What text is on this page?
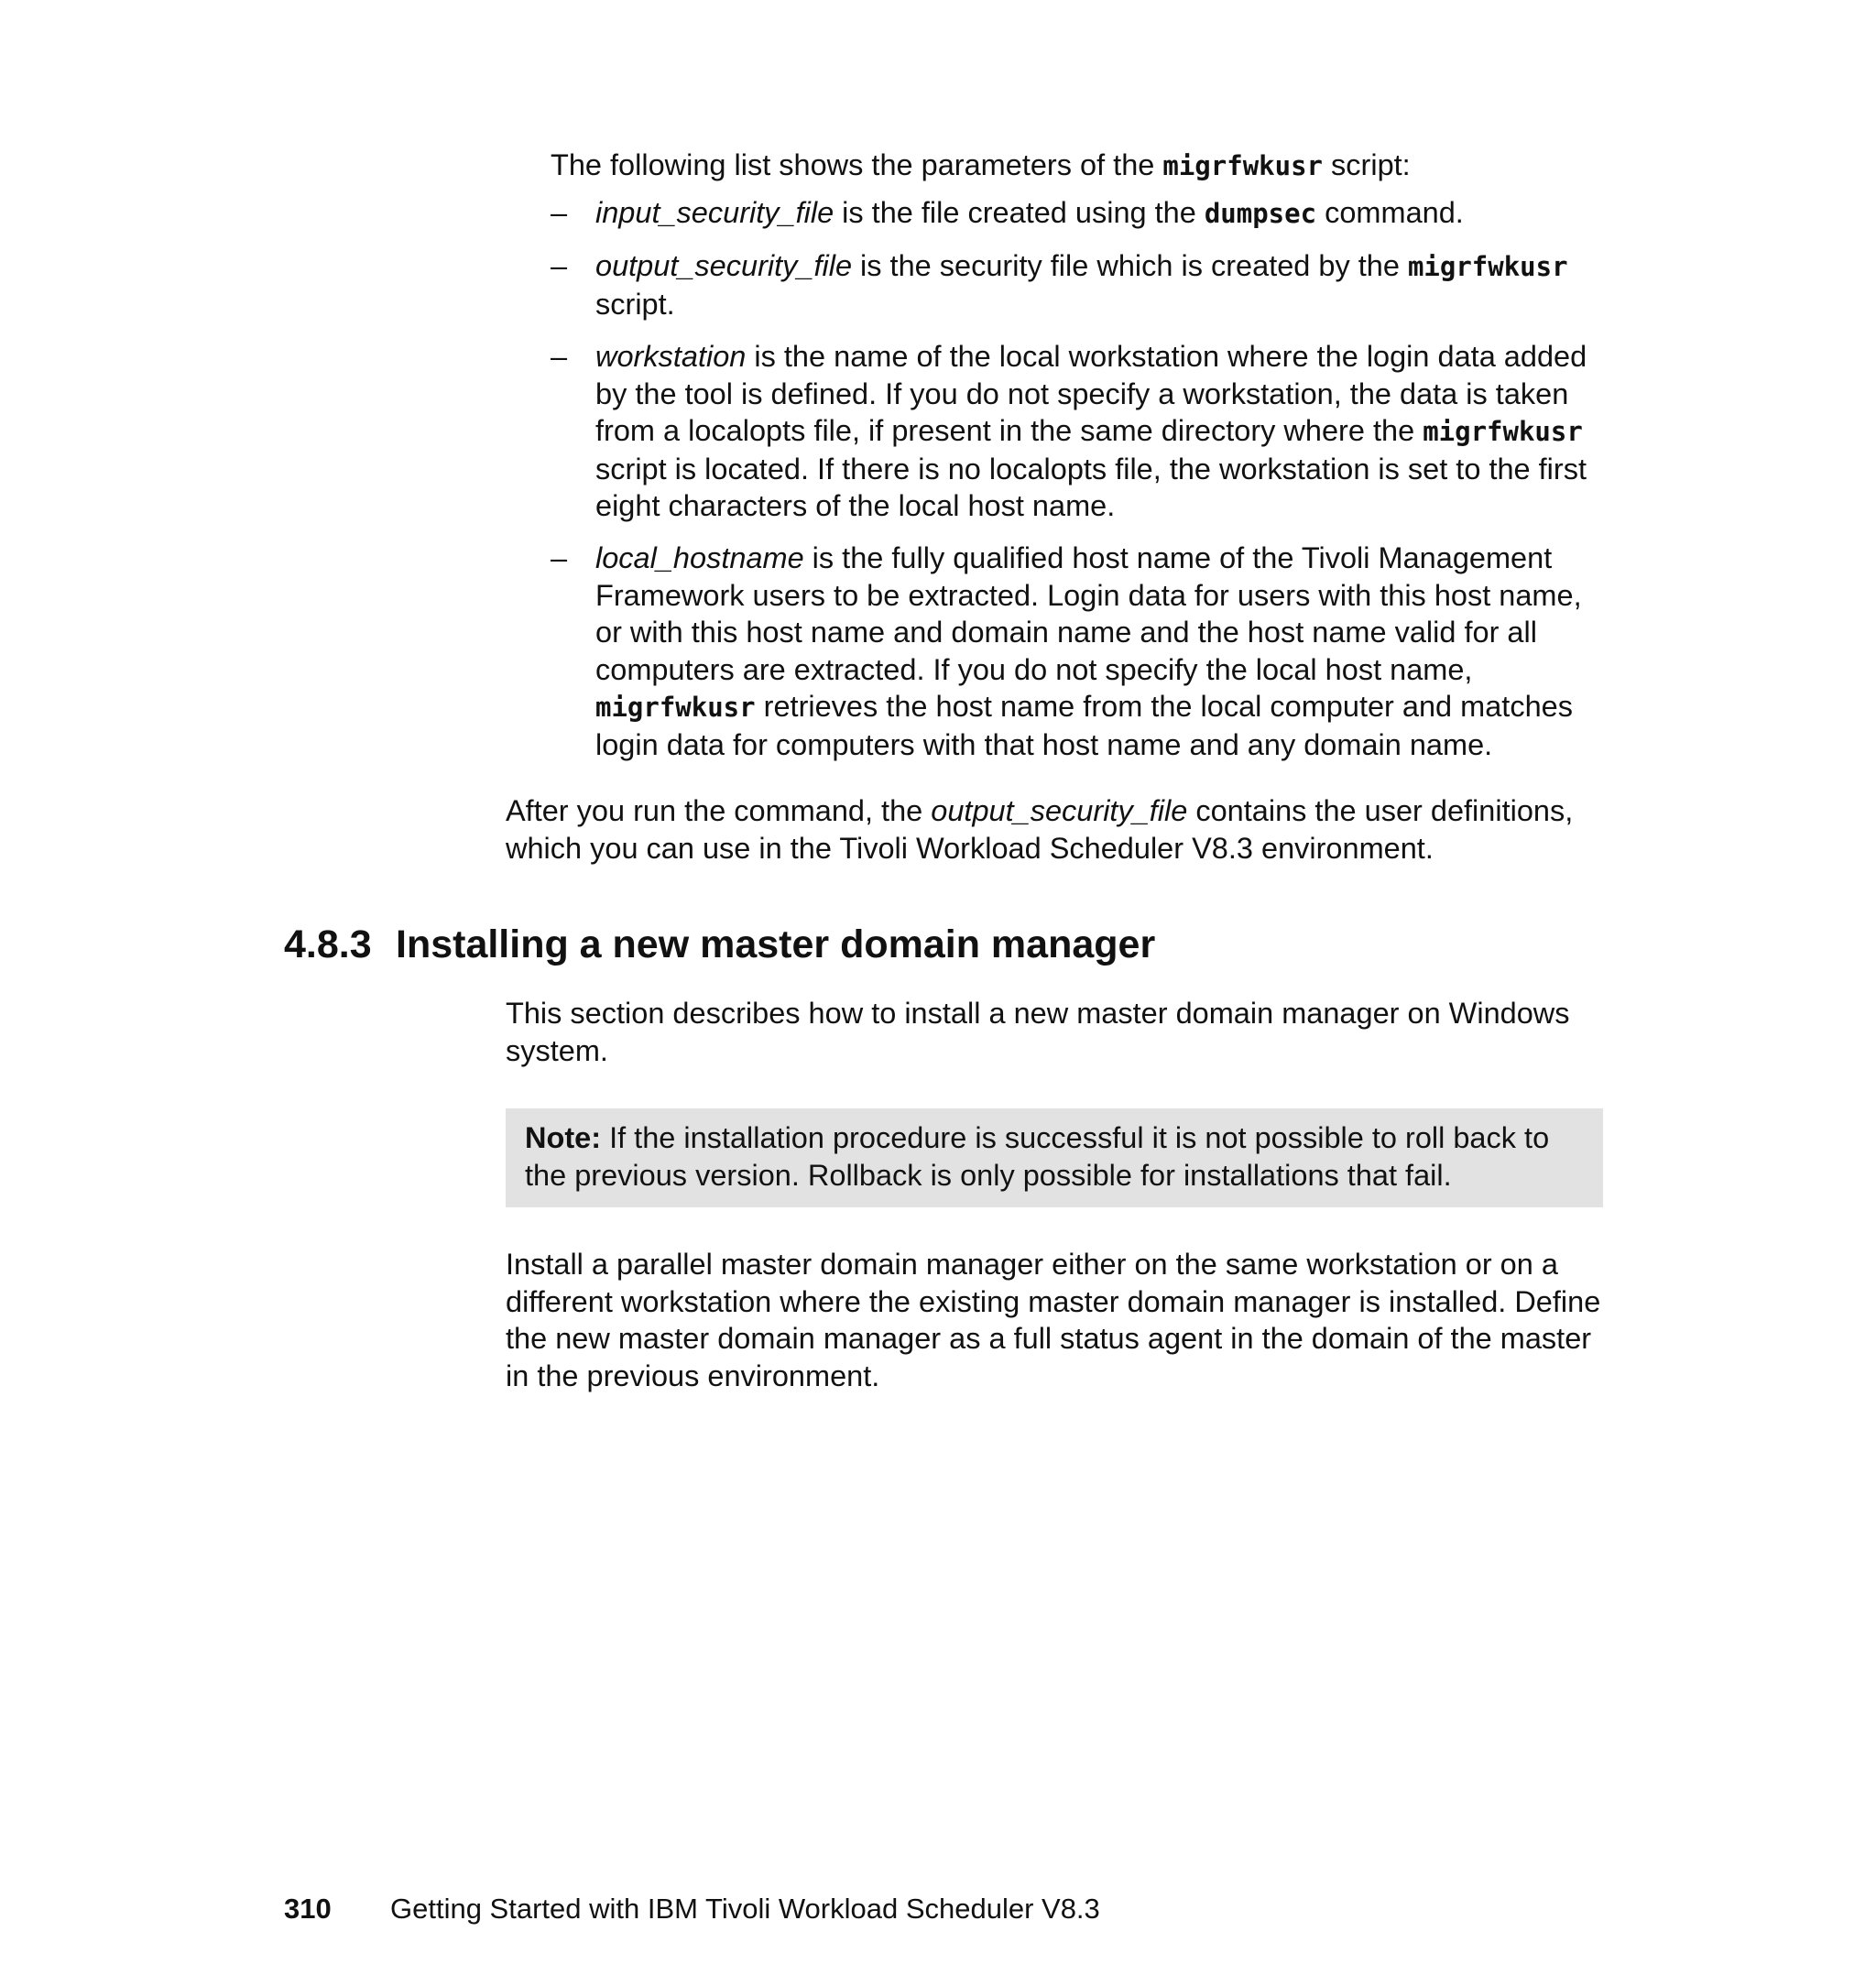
The following list shows the parameters of the migrfwkusr script:

– input_security_file is the file created using the dumpsec command.
– output_security_file is the security file which is created by the migrfwkusr script.
– workstation is the name of the local workstation where the login data added by the tool is defined. If you do not specify a workstation, the data is taken from a localopts file, if present in the same directory where the migrfwkusr script is located. If there is no localopts file, the workstation is set to the first eight characters of the local host name.
– local_hostname is the fully qualified host name of the Tivoli Management Framework users to be extracted. Login data for users with this host name, or with this host name and domain name and the host name valid for all computers are extracted. If you do not specify the local host name, migrfwkusr retrieves the host name from the local computer and matches login data for computers with that host name and any domain name.

After you run the command, the output_security_file contains the user definitions, which you can use in the Tivoli Workload Scheduler V8.3 environment.

4.8.3 Installing a new master domain manager

This section describes how to install a new master domain manager on Windows system.

Note: If the installation procedure is successful it is not possible to roll back to the previous version. Rollback is only possible for installations that fail.

Install a parallel master domain manager either on the same workstation or on a different workstation where the existing master domain manager is installed. Define the new master domain manager as a full status agent in the domain of the master in the previous environment.

310 Getting Started with IBM Tivoli Workload Scheduler V8.3
